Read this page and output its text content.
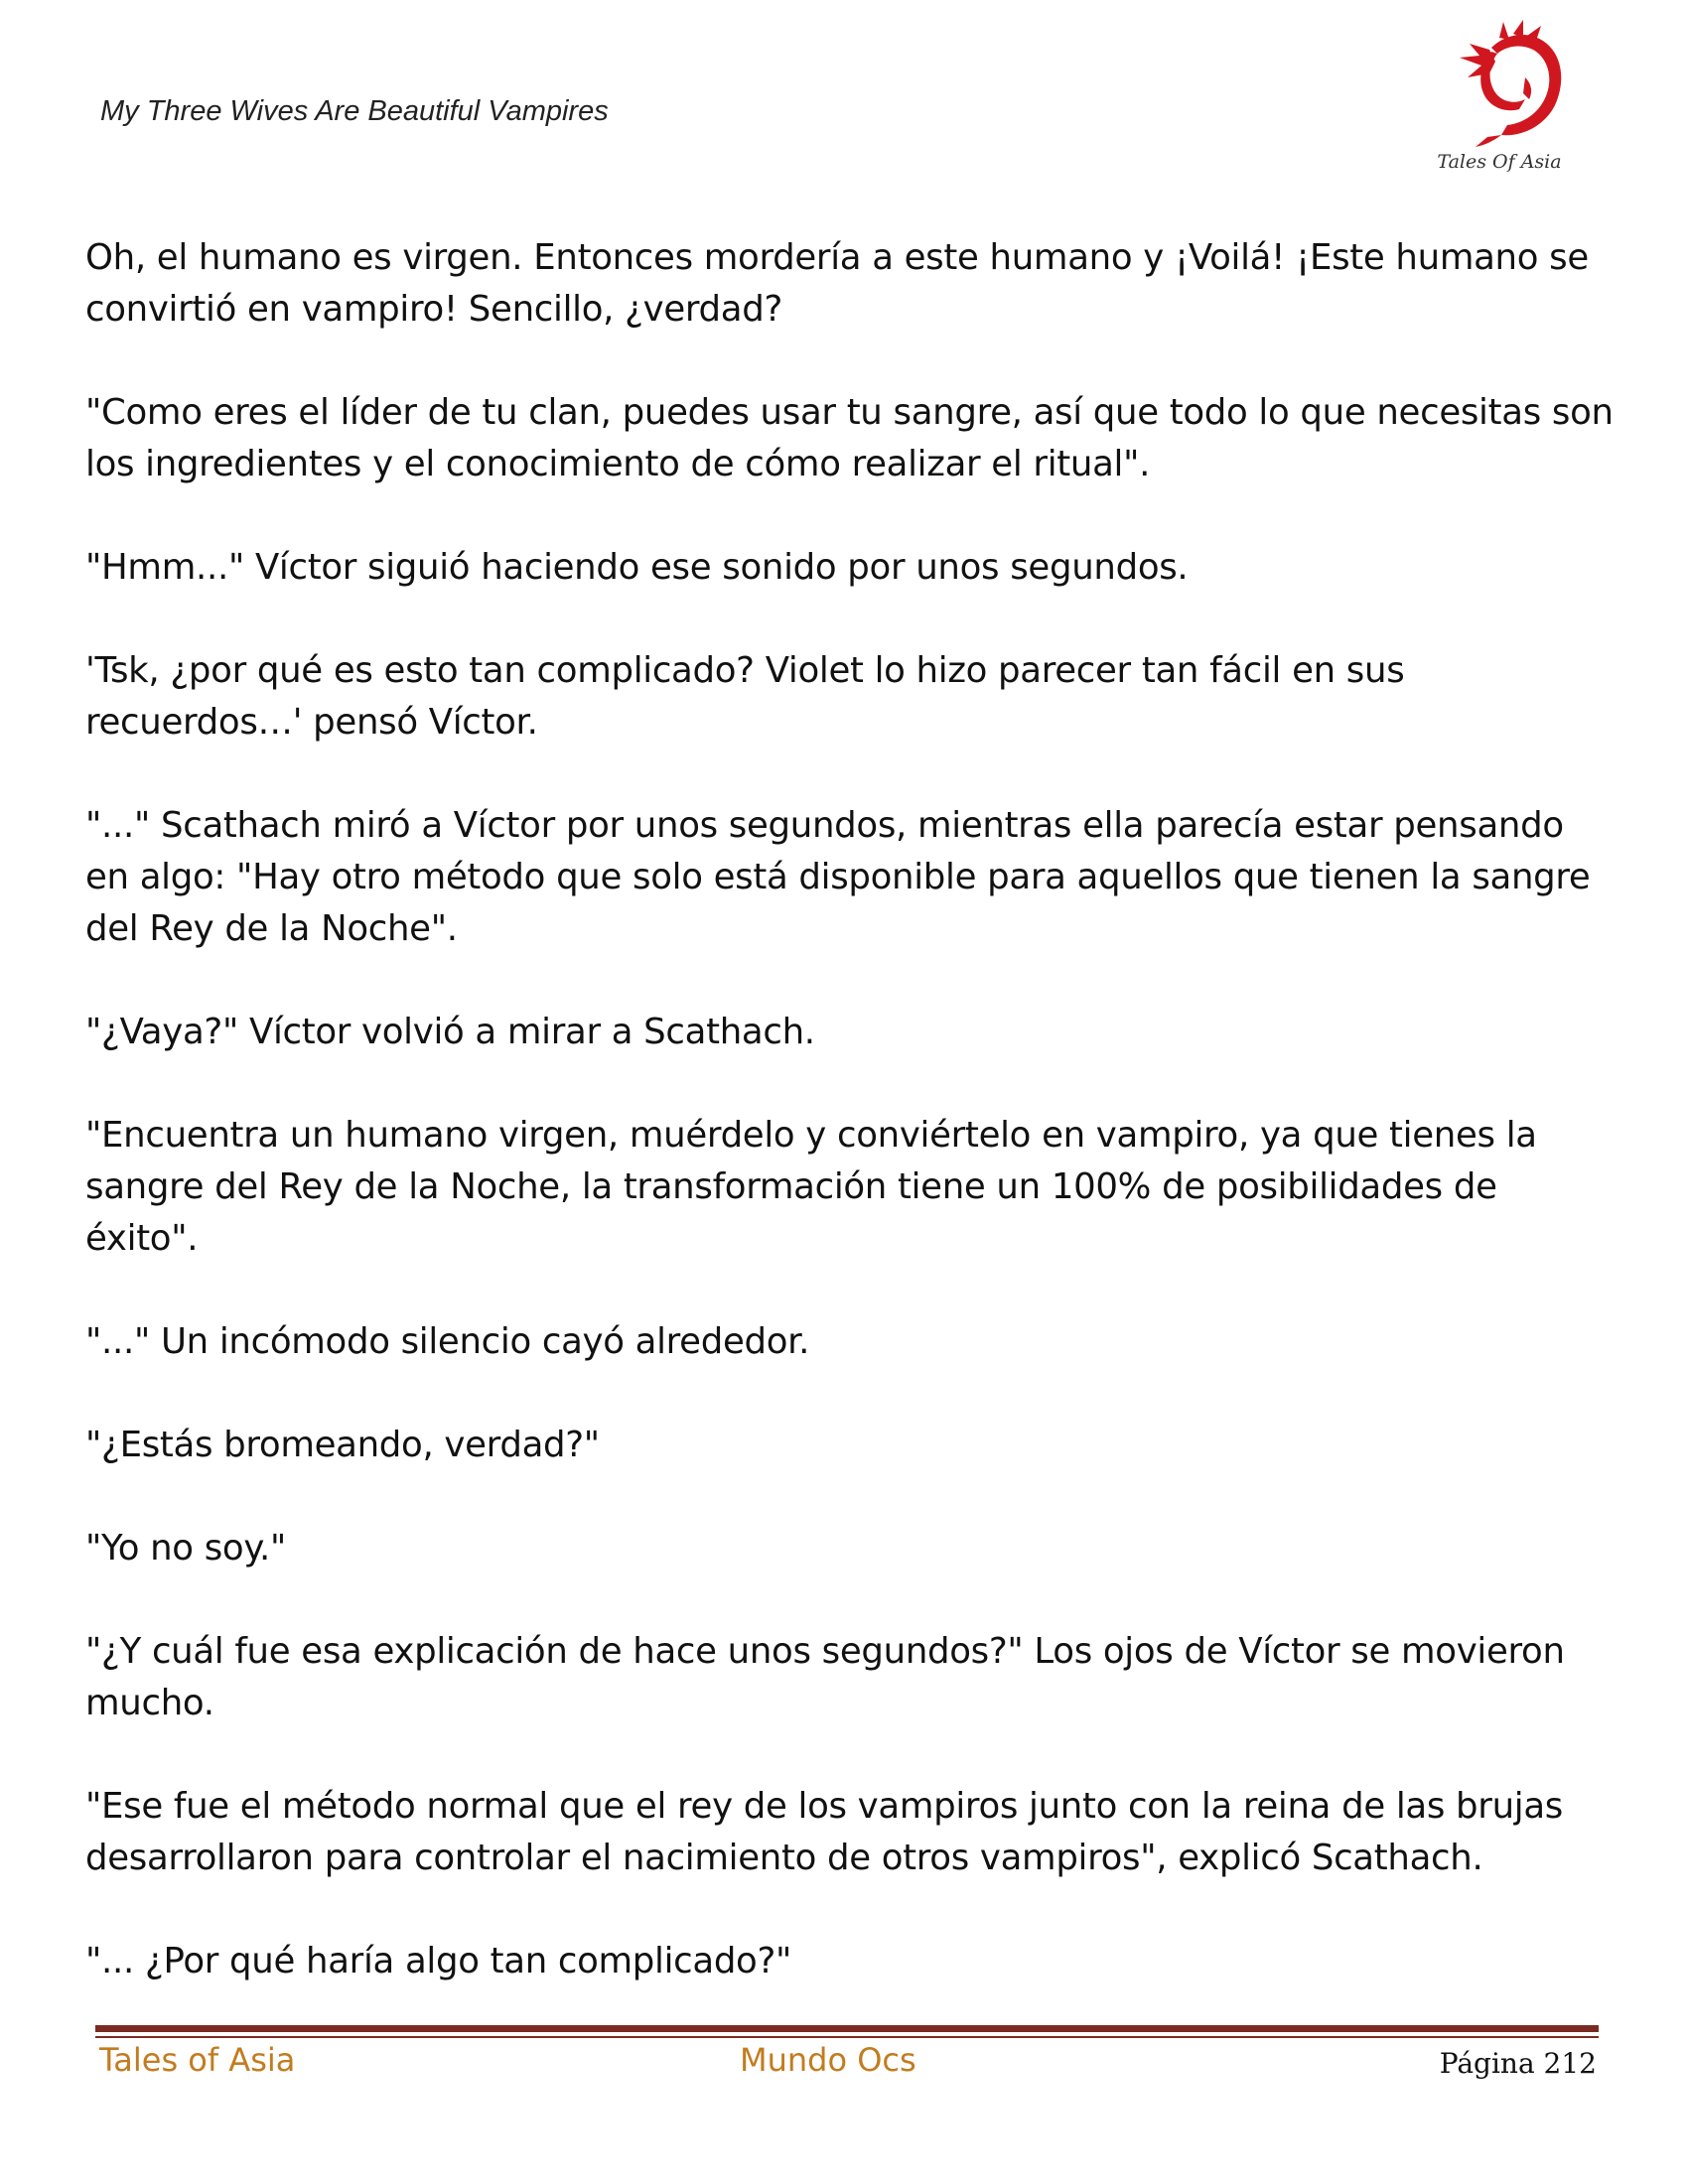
My Three Wives Are Beautiful Vampires
Tales Of Asia

Oh, el humano es virgen. Entonces mordería a este humano y ¡Voilá! ¡Este humano se convirtió en vampiro! Sencillo, ¿verdad?

"Como eres el líder de tu clan, puedes usar tu sangre, así que todo lo que necesitas son los ingredientes y el conocimiento de cómo realizar el ritual".

"Hmm..." Víctor siguió haciendo ese sonido por unos segundos.

'Tsk, ¿por qué es esto tan complicado? Violet lo hizo parecer tan fácil en sus recuerdos…' pensó Víctor.

"..." Scathach miró a Víctor por unos segundos, mientras ella parecía estar pensando en algo: "Hay otro método que solo está disponible para aquellos que tienen la sangre del Rey de la Noche".

"¿Vaya?" Víctor volvió a mirar a Scathach.

"Encuentra un humano virgen, muérdelo y conviértelo en vampiro, ya que tienes la sangre del Rey de la Noche, la transformación tiene un 100% de posibilidades de éxito".

"..." Un incómodo silencio cayó alrededor.

"¿Estás bromeando, verdad?"

"Yo no soy."

"¿Y cuál fue esa explicación de hace unos segundos?" Los ojos de Víctor se movieron mucho.

"Ese fue el método normal que el rey de los vampiros junto con la reina de las brujas desarrollaron para controlar el nacimiento de otros vampiros", explicó Scathach.

"... ¿Por qué haría algo tan complicado?"

Tales of Asia	Mundo Ocs	Página 212
